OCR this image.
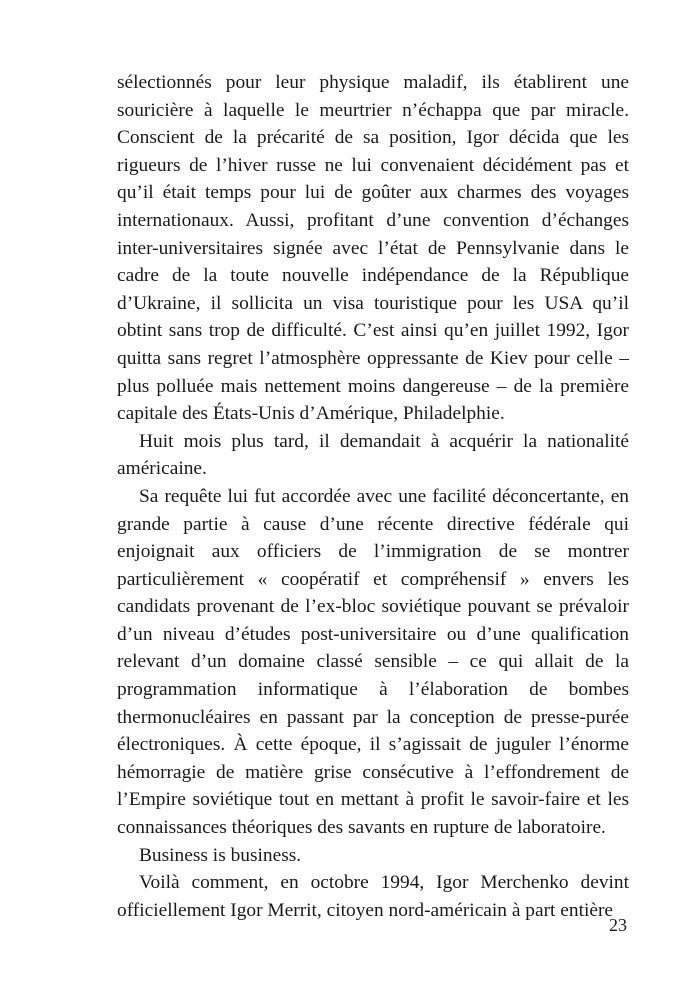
sélectionnés pour leur physique maladif, ils établirent une souricière à laquelle le meurtrier n’échappa que par miracle. Conscient de la précarité de sa position, Igor décida que les rigueurs de l’hiver russe ne lui convenaient décidément pas et qu’il était temps pour lui de goûter aux charmes des voyages internationaux. Aussi, profitant d’une convention d’échanges inter-universitaires signée avec l’état de Pennsylvanie dans le cadre de la toute nouvelle indépendance de la République d’Ukraine, il sollicita un visa touristique pour les USA qu’il obtint sans trop de difficulté. C’est ainsi qu’en juillet 1992, Igor quitta sans regret l’atmosphère oppressante de Kiev pour celle – plus polluée mais nettement moins dangereuse – de la première capitale des États-Unis d’Amérique, Philadelphie.

Huit mois plus tard, il demandait à acquérir la nationalité américaine.

Sa requête lui fut accordée avec une facilité déconcertante, en grande partie à cause d’une récente directive fédérale qui enjoignait aux officiers de l’immigration de se montrer particulièrement « coopératif et compréhensif » envers les candidats provenant de l’ex-bloc soviétique pouvant se prévaloir d’un niveau d’études post-universitaire ou d’une qualification relevant d’un domaine classé sensible – ce qui allait de la programmation informatique à l’élaboration de bombes thermonucléaires en passant par la conception de presse-purée électroniques. À cette époque, il s’agissait de juguler l’énorme hémorragie de matière grise consécutive à l’effondrement de l’Empire soviétique tout en mettant à profit le savoir-faire et les connaissances théoriques des savants en rupture de laboratoire.

Business is business.

Voilà comment, en octobre 1994, Igor Merchenko devint officiellement Igor Merrit, citoyen nord-américain à part entière

23
